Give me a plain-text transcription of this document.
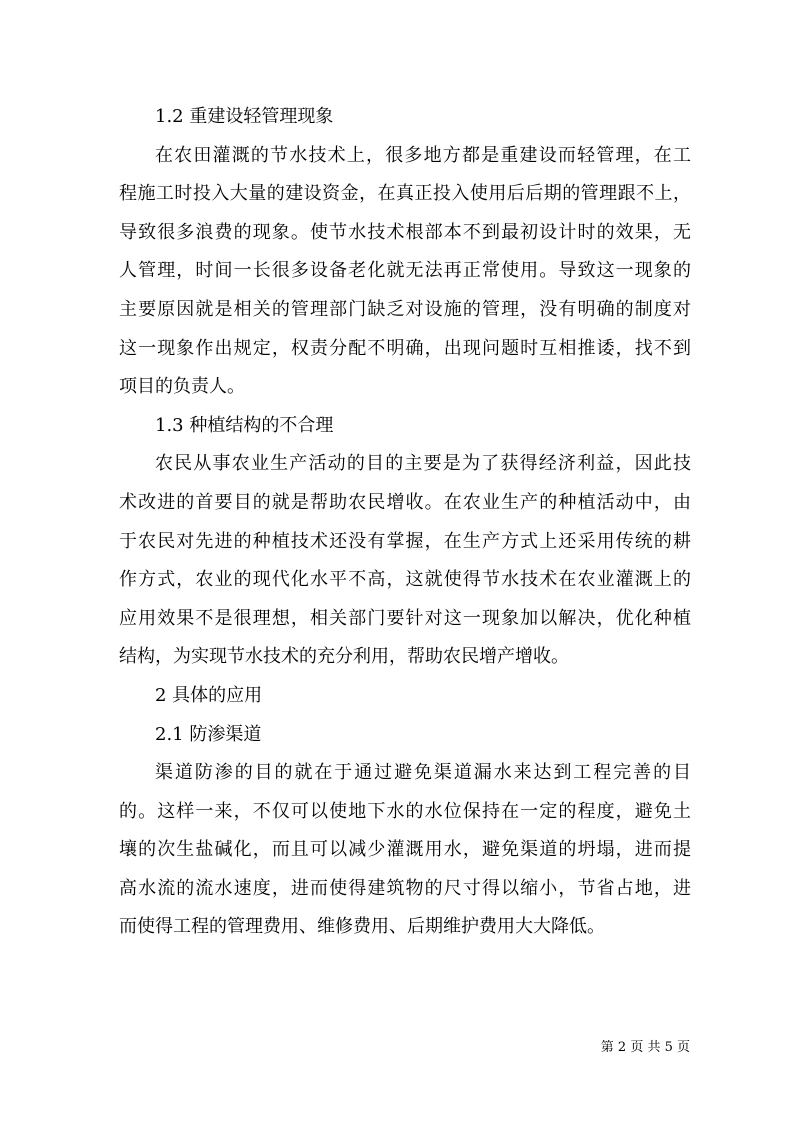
1.2 重建设轻管理现象
在农田灌溉的节水技术上，很多地方都是重建设而轻管理，在工
程施工时投入大量的建设资金，在真正投入使用后后期的管理跟不上，
导致很多浪费的现象。使节水技术根部本不到最初设计时的效果，无
人管理，时间一长很多设备老化就无法再正常使用。导致这一现象的
主要原因就是相关的管理部门缺乏对设施的管理，没有明确的制度对
这一现象作出规定，权责分配不明确，出现问题时互相推诿，找不到
项目的负责人。
1.3 种植结构的不合理
农民从事农业生产活动的目的主要是为了获得经济利益，因此技
术改进的首要目的就是帮助农民增收。在农业生产的种植活动中，由
于农民对先进的种植技术还没有掌握，在生产方式上还采用传统的耕
作方式，农业的现代化水平不高，这就使得节水技术在农业灌溉上的
应用效果不是很理想，相关部门要针对这一现象加以解决，优化种植
结构，为实现节水技术的充分利用，帮助农民增产增收。
2 具体的应用
2.1 防渗渠道
渠道防渗的目的就在于通过避免渠道漏水来达到工程完善的目
的。这样一来，不仅可以使地下水的水位保持在一定的程度，避免土
壤的次生盐碱化，而且可以减少灌溉用水，避免渠道的坍塌，进而提
高水流的流水速度，进而使得建筑物的尺寸得以缩小，节省占地，进
而使得工程的管理费用、维修费用、后期维护费用大大降低。
第 2 页 共 5 页
